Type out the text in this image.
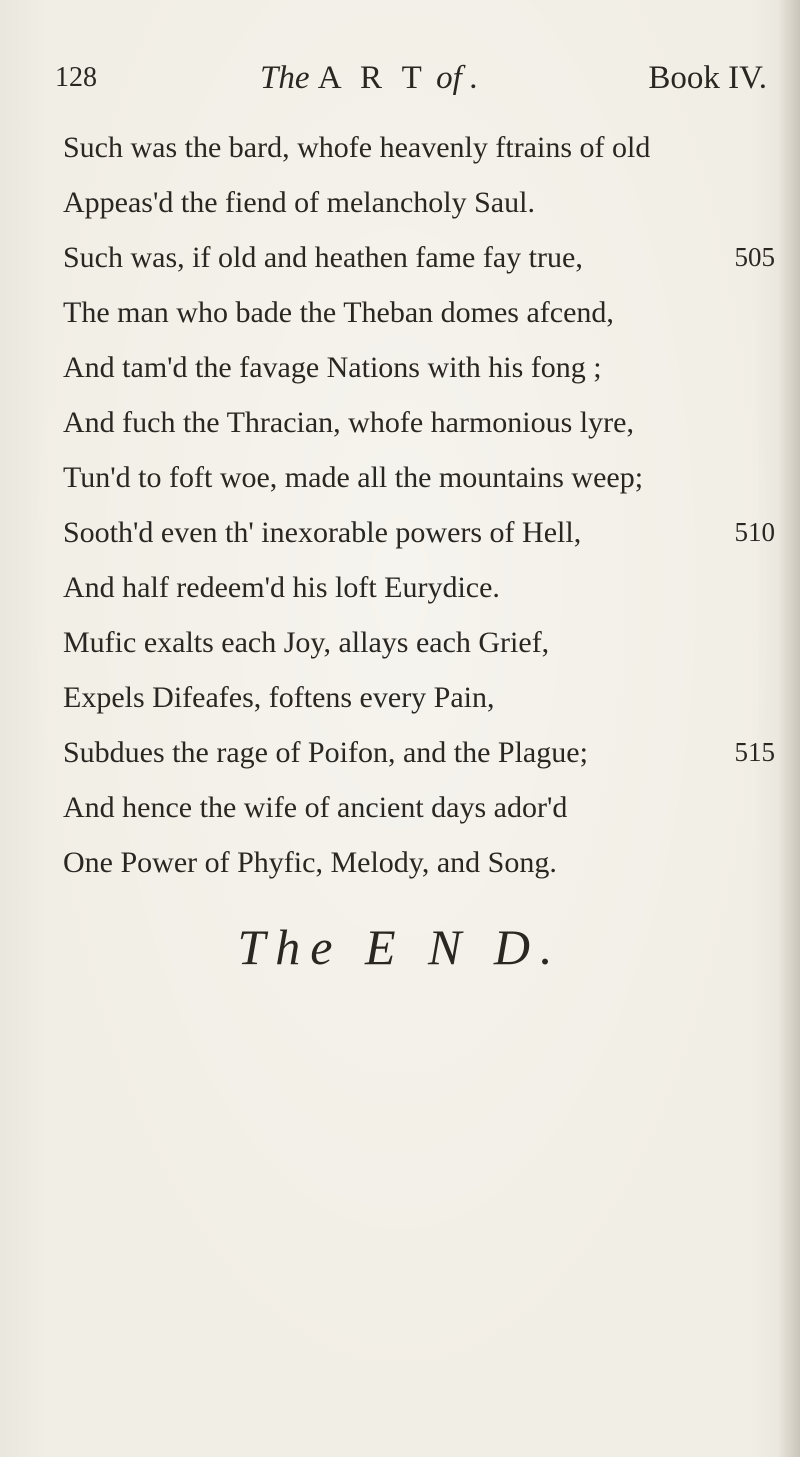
128	The A R T of .	Book IV.
Such was the bard, whofe heavenly ftrains of old
Appeas'd the fiend of melancholy Saul.
Such was, if old and heathen fame fay true,	505
The man who bade the Theban domes afcend,
And tam'd the favage Nations with his fong ;
And fuch the Thracian, whofe harmonious lyre,
Tun'd to foft woe, made all the mountains weep;
Sooth'd even th' inexorable powers of Hell,	510
And half redeem'd his loft Eurydice.
Mufic exalts each Joy, allays each Grief,
Expels Difeafes, foftens every Pain,
Subdues the rage of Poifon, and the Plague;	515
And hence the wife of ancient days ador'd
One Power of Phyfic, Melody, and Song.
The E N D.
